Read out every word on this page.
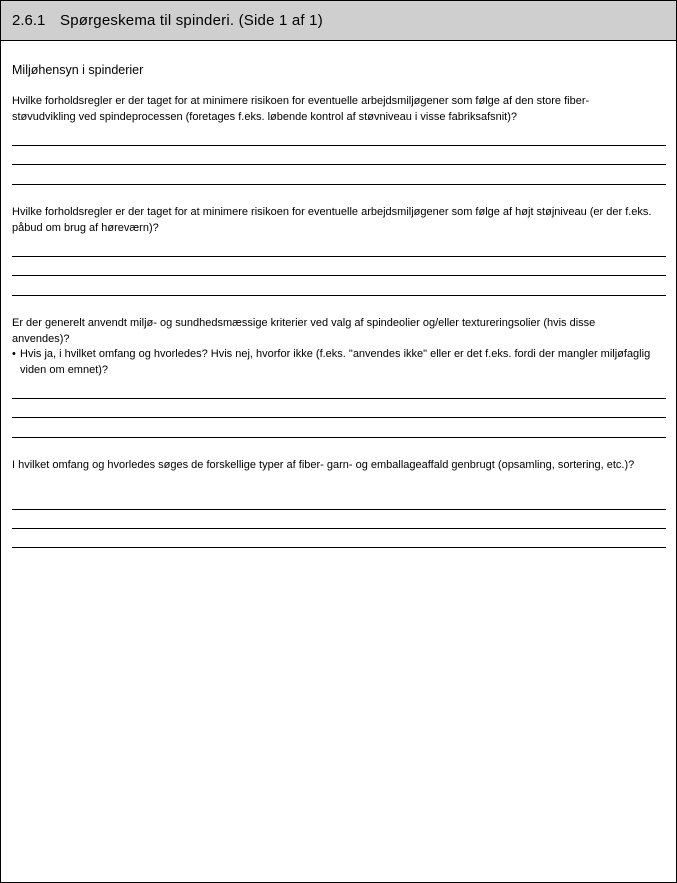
2.6.1 Spørgeskema til spinderi. (Side 1 af 1)
Miljøhensyn i spinderier
Hvilke forholdsregler er der taget for at minimere risikoen for eventuelle arbejdsmiljøgener som følge af den store fiber-støvudvikling ved spindeprocessen (foretages f.eks. løbende kontrol af støvniveau i visse fabriksafsnit)?
Hvilke forholdsregler er der taget for at minimere risikoen for eventuelle arbejdsmiljøgener som følge af højt støjniveau (er der f.eks. påbud om brug af høreværn)?
Er der generelt anvendt miljø- og sundhedsmæssige kriterier ved valg af spindeolier og/eller textureringsolier (hvis disse anvendes)?
• Hvis ja, i hvilket omfang og hvorledes? Hvis nej, hvorfor ikke (f.eks. "anvendes ikke" eller er det f.eks. fordi der mangler miljøfaglig viden om emnet)?
I hvilket omfang og hvorledes søges de forskellige typer af fiber- garn- og emballageaffald genbrugt (opsamling, sortering, etc.)?
